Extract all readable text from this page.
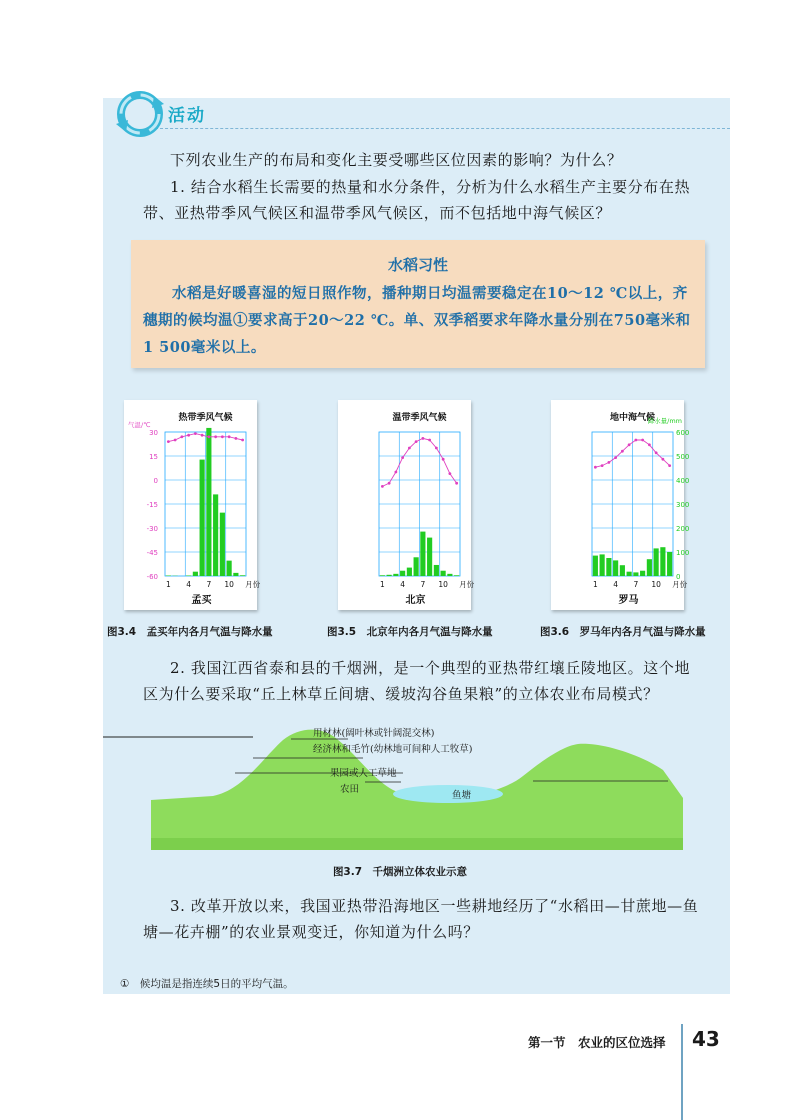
活动
下列农业生产的布局和变化主要受哪些区位因素的影响？为什么？
1. 结合水稻生长需要的热量和水分条件，分析为什么水稻生产主要分布在热带、亚热带季风气候区和温带季风气候区，而不包括地中海气候区？
水稻习性
水稻是好暖喜湿的短日照作物，播种期日均温需要稳定在10～12 ℃以上，齐穗期的候均温①要求高于20～22 ℃。单、双季稻要求年降水量分别在750毫米和1 500毫米以上。
热带季风气候
30
15
0
-15
-30
-45
-60
气温/℃
1 4 7 10 月份
孟买
温带季风气候
1 4 7 10 月份
北京
地中海气候
600
500
400
300
200
100
0
降水量/mm
1 4 7 10 月份
罗马
图3.4　孟买年内各月气温与降水量	图3.5　北京年内各月气温与降水量	图3.6　罗马年内各月气温与降水量
2. 我国江西省泰和县的千烟洲，是一个典型的亚热带红壤丘陵地区。这个地区为什么要采取“丘上林草丘间塘、缓坡沟谷鱼果粮”的立体农业布局模式？
用材林(阔叶林或针阔混交林)
经济林和毛竹(幼林地可间种人工牧草)
果园或人工草地
农田
鱼塘
图3.7　千烟洲立体农业示意
3. 改革开放以来，我国亚热带沿海地区一些耕地经历了“水稻田—甘蔗地—鱼塘—花卉棚”的农业景观变迁，你知道为什么吗？
①　候均温是指连续5日的平均气温。
第一节　农业的区位选择 43
